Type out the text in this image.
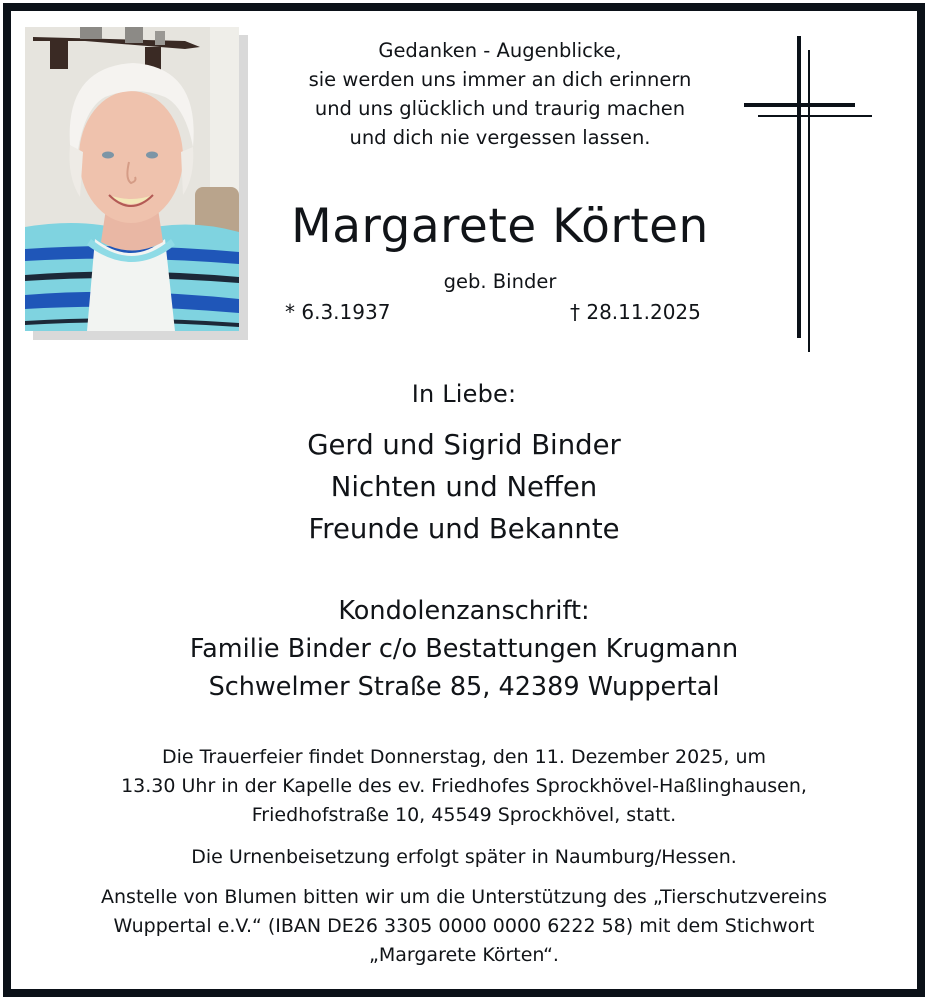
Gedanken - Augenblicke,
sie werden uns immer an dich erinnern
und uns glücklich und traurig machen
und dich nie vergessen lassen.
Margarete Körten
geb. Binder
* 6.3.1937	† 28.11.2025
In Liebe:
Gerd und Sigrid Binder
Nichten und Neffen
Freunde und Bekannte
Kondolenzanschrift:
Familie Binder c/o Bestattungen Krugmann
Schwelmer Straße 85, 42389 Wuppertal
Die Trauerfeier findet Donnerstag, den 11. Dezember 2025, um
13.30 Uhr in der Kapelle des ev. Friedhofes Sprockhövel-Haßlinghausen,
Friedhofstraße 10, 45549 Sprockhövel, statt.
Die Urnenbeisetzung erfolgt später in Naumburg/Hessen.
Anstelle von Blumen bitten wir um die Unterstützung des „Tierschutzvereins
Wuppertal e.V.“ (IBAN DE26 3305 0000 0000 6222 58) mit dem Stichwort
„Margarete Körten“.
